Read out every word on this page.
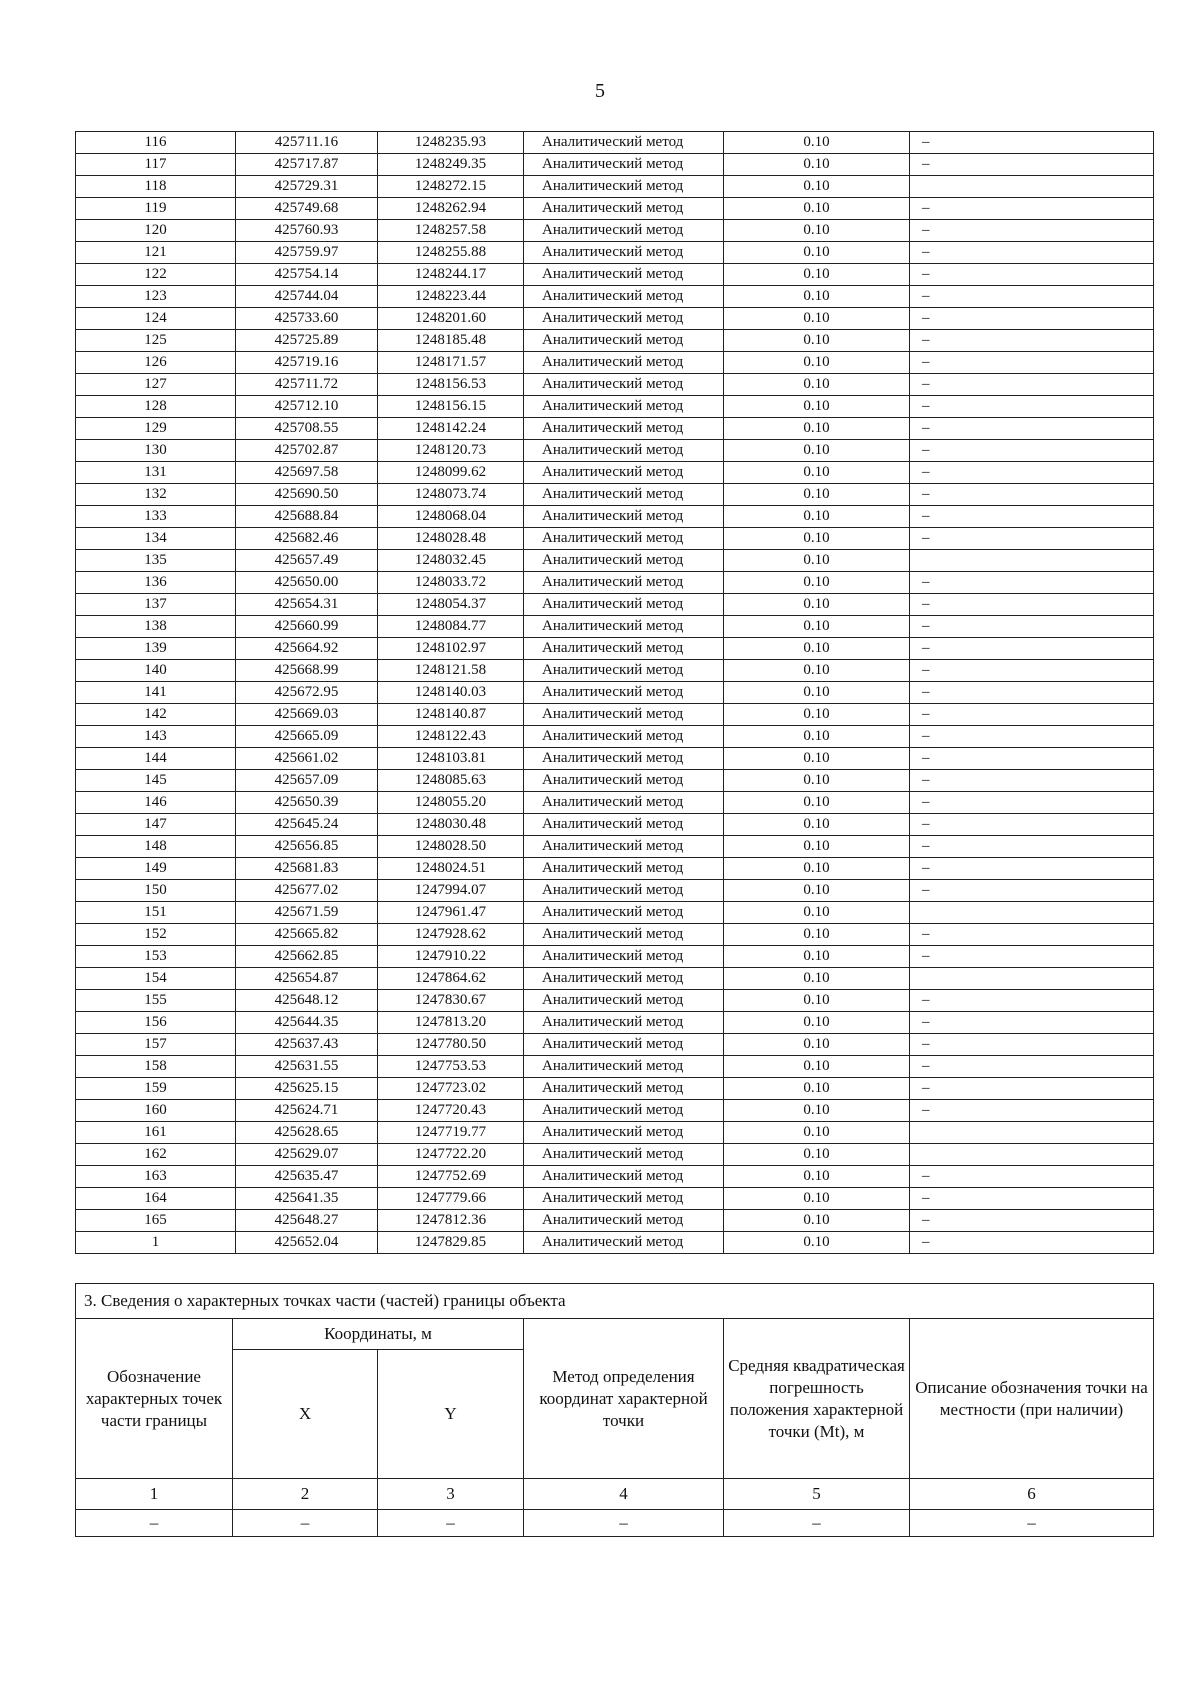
5
116	425711.16	1248235.93	Аналитический метод	0.10	–
117	425717.87	1248249.35	Аналитический метод	0.10	–
118	425729.31	1248272.15	Аналитический метод	0.10	
119	425749.68	1248262.94	Аналитический метод	0.10	–
120	425760.93	1248257.58	Аналитический метод	0.10	–
121	425759.97	1248255.88	Аналитический метод	0.10	–
122	425754.14	1248244.17	Аналитический метод	0.10	–
123	425744.04	1248223.44	Аналитический метод	0.10	–
124	425733.60	1248201.60	Аналитический метод	0.10	–
125	425725.89	1248185.48	Аналитический метод	0.10	–
126	425719.16	1248171.57	Аналитический метод	0.10	–
127	425711.72	1248156.53	Аналитический метод	0.10	–
128	425712.10	1248156.15	Аналитический метод	0.10	–
129	425708.55	1248142.24	Аналитический метод	0.10	–
130	425702.87	1248120.73	Аналитический метод	0.10	–
131	425697.58	1248099.62	Аналитический метод	0.10	–
132	425690.50	1248073.74	Аналитический метод	0.10	–
133	425688.84	1248068.04	Аналитический метод	0.10	–
134	425682.46	1248028.48	Аналитический метод	0.10	–
135	425657.49	1248032.45	Аналитический метод	0.10	
136	425650.00	1248033.72	Аналитический метод	0.10	–
137	425654.31	1248054.37	Аналитический метод	0.10	–
138	425660.99	1248084.77	Аналитический метод	0.10	–
139	425664.92	1248102.97	Аналитический метод	0.10	–
140	425668.99	1248121.58	Аналитический метод	0.10	–
141	425672.95	1248140.03	Аналитический метод	0.10	–
142	425669.03	1248140.87	Аналитический метод	0.10	–
143	425665.09	1248122.43	Аналитический метод	0.10	–
144	425661.02	1248103.81	Аналитический метод	0.10	–
145	425657.09	1248085.63	Аналитический метод	0.10	–
146	425650.39	1248055.20	Аналитический метод	0.10	–
147	425645.24	1248030.48	Аналитический метод	0.10	–
148	425656.85	1248028.50	Аналитический метод	0.10	–
149	425681.83	1248024.51	Аналитический метод	0.10	–
150	425677.02	1247994.07	Аналитический метод	0.10	–
151	425671.59	1247961.47	Аналитический метод	0.10	
152	425665.82	1247928.62	Аналитический метод	0.10	–
153	425662.85	1247910.22	Аналитический метод	0.10	–
154	425654.87	1247864.62	Аналитический метод	0.10	
155	425648.12	1247830.67	Аналитический метод	0.10	–
156	425644.35	1247813.20	Аналитический метод	0.10	–
157	425637.43	1247780.50	Аналитический метод	0.10	–
158	425631.55	1247753.53	Аналитический метод	0.10	–
159	425625.15	1247723.02	Аналитический метод	0.10	–
160	425624.71	1247720.43	Аналитический метод	0.10	–
161	425628.65	1247719.77	Аналитический метод	0.10	
162	425629.07	1247722.20	Аналитический метод	0.10	
163	425635.47	1247752.69	Аналитический метод	0.10	–
164	425641.35	1247779.66	Аналитический метод	0.10	–
165	425648.27	1247812.36	Аналитический метод	0.10	–
1	425652.04	1247829.85	Аналитический метод	0.10	–
3. Сведения о характерных точках части (частей) границы объекта					
Обозначение характерных точек части границы	Координаты, м		Метод определения координат характерной точки	Средняя квадратическая погрешность положения характерной точки (Mt), м	Описание обозначения точки на местности (при наличии)
	X	Y			
1	2	3	4	5	6
–	–	–	–	–	–
